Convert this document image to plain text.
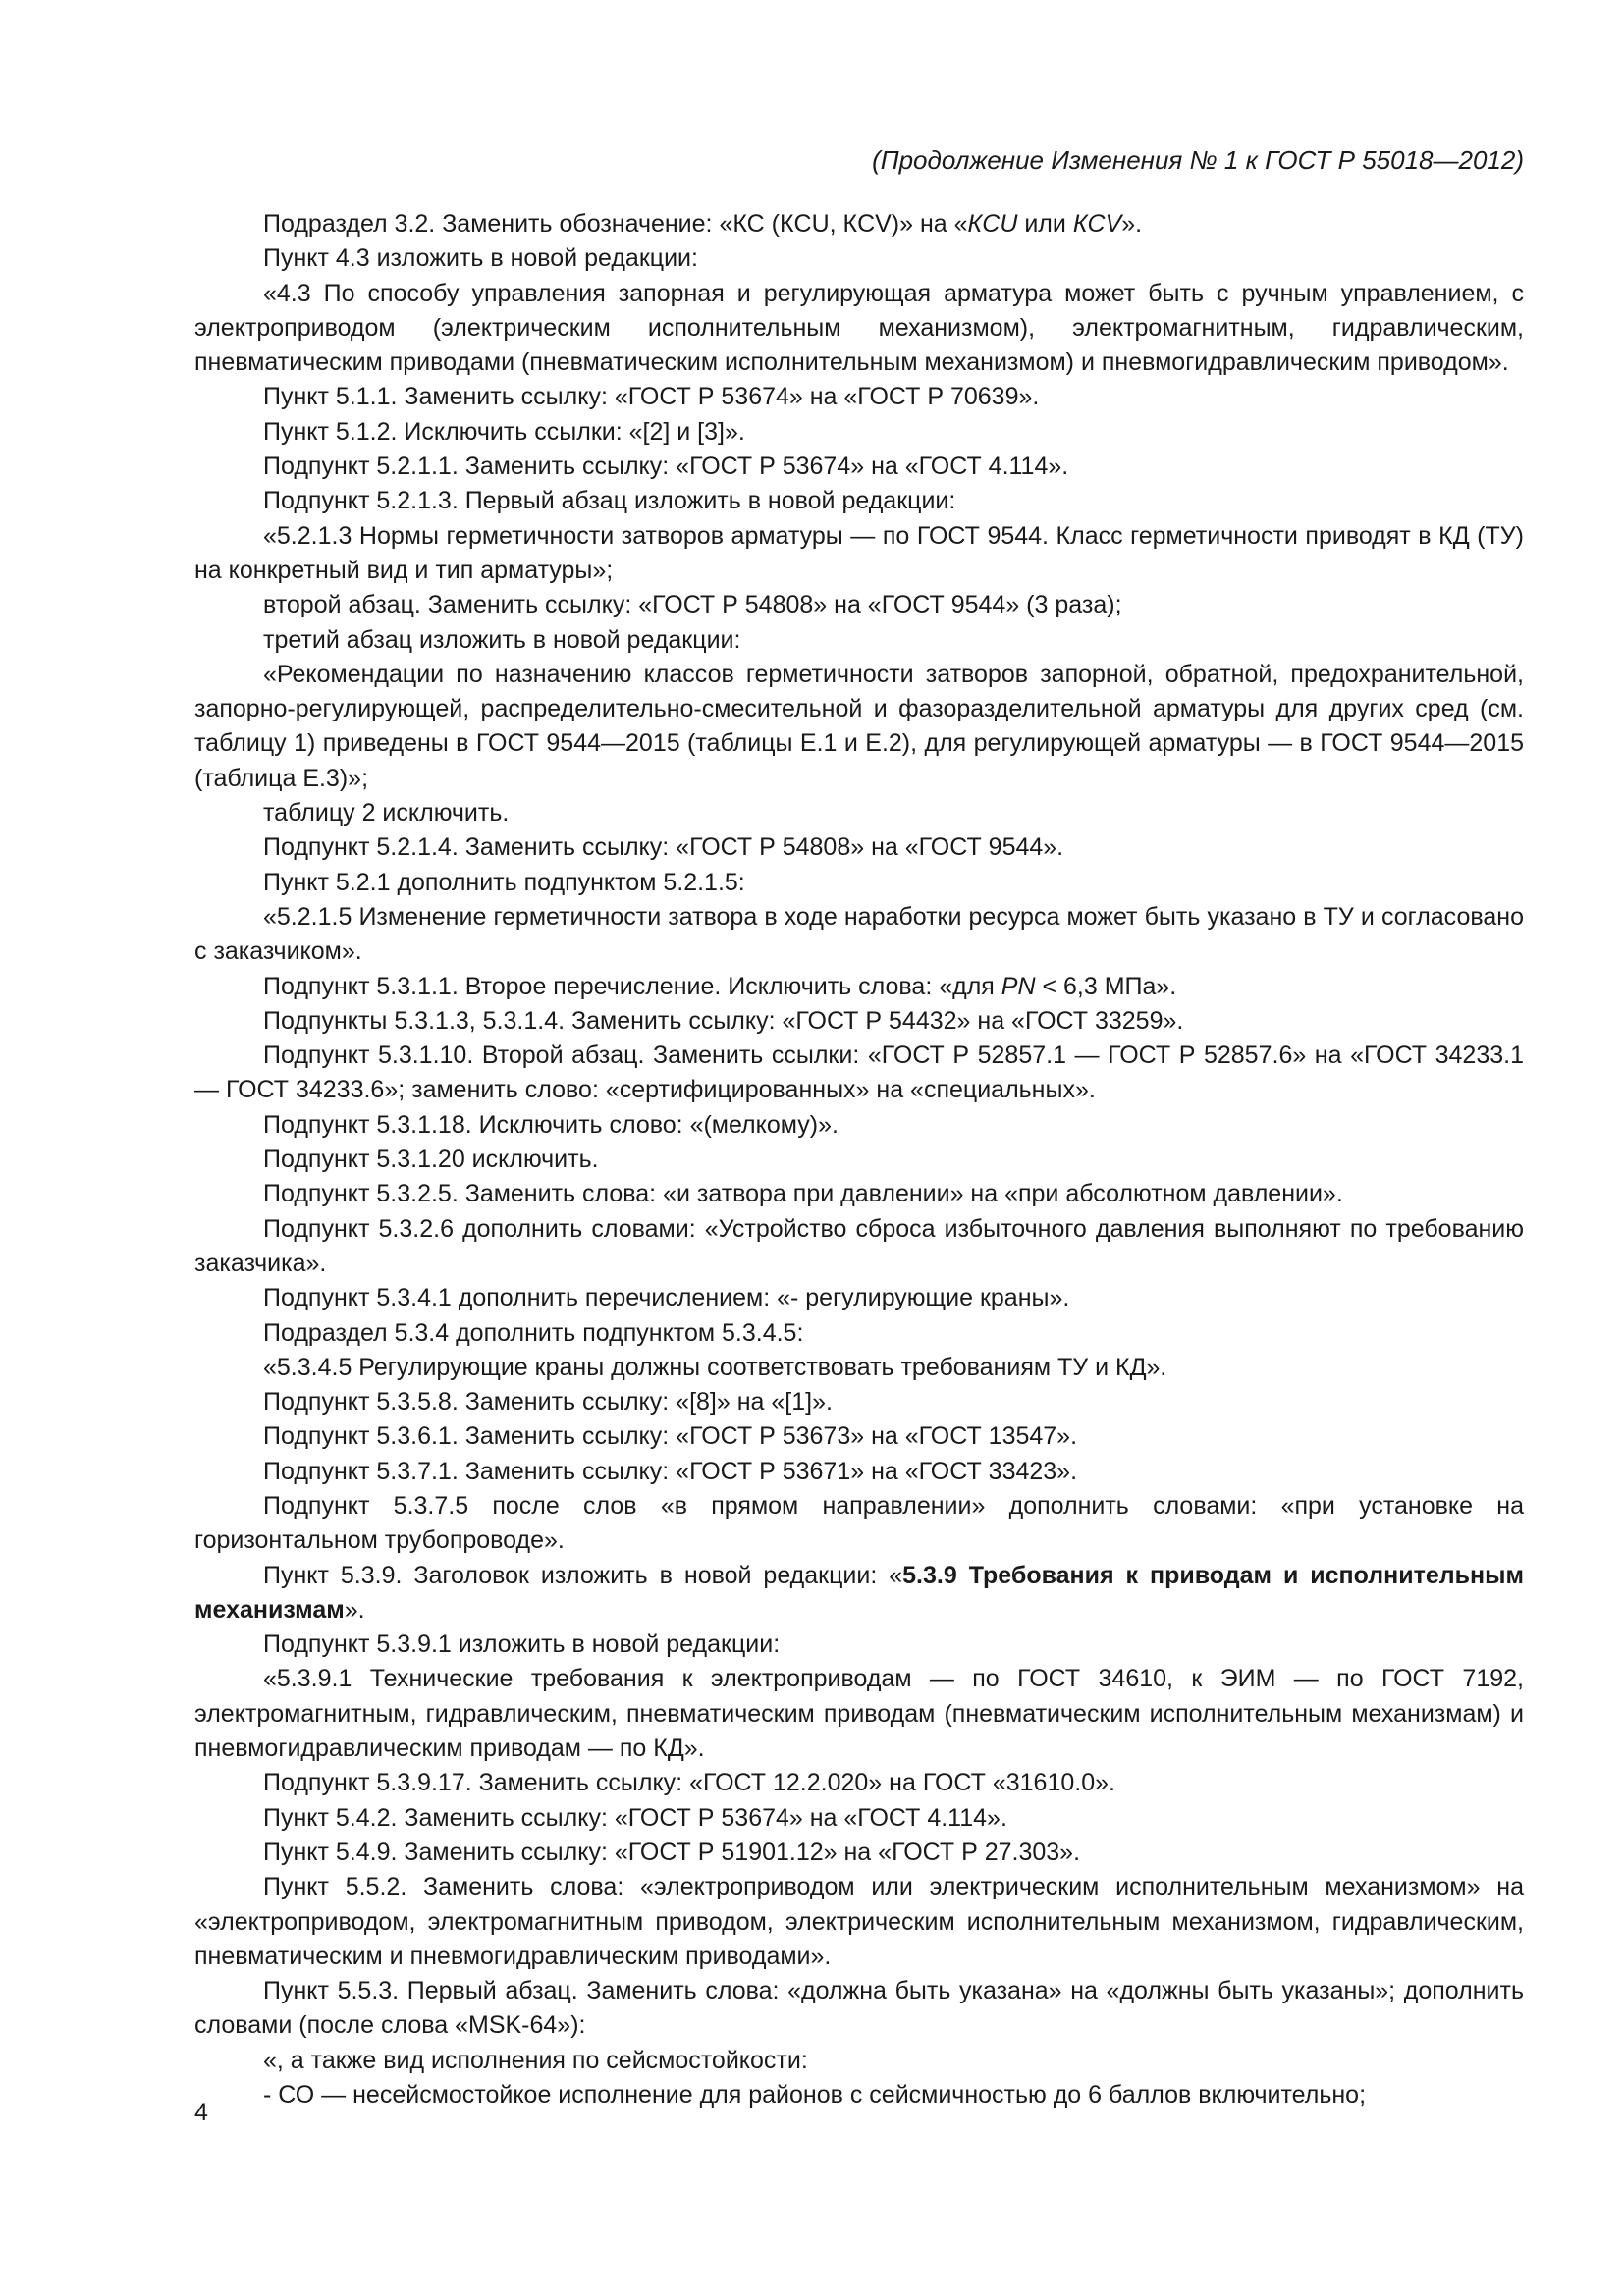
(Продолжение Изменения № 1 к ГОСТ Р 55018—2012)

Подраздел 3.2. Заменить обозначение: «КС (КCU, КCV)» на «КCU или КCV».

Пункт 4.3 изложить в новой редакции:

«4.3 По способу управления запорная и регулирующая арматура может быть с ручным управлением, с электроприводом (электрическим исполнительным механизмом), электромагнитным, гидравлическим, пневматическим приводами (пневматическим исполнительным механизмом) и пневмогидравлическим приводом».

Пункт 5.1.1. Заменить ссылку: «ГОСТ Р 53674» на «ГОСТ Р 70639».

Пункт 5.1.2. Исключить ссылки: «[2] и [3]».

Подпункт 5.2.1.1. Заменить ссылку: «ГОСТ Р 53674» на «ГОСТ 4.114».

Подпункт 5.2.1.3. Первый абзац изложить в новой редакции:

«5.2.1.3 Нормы герметичности затворов арматуры — по ГОСТ 9544. Класс герметичности приводят в КД (ТУ) на конкретный вид и тип арматуры»;

второй абзац. Заменить ссылку: «ГОСТ Р 54808» на «ГОСТ 9544» (3 раза);

третий абзац изложить в новой редакции:

«Рекомендации по назначению классов герметичности затворов запорной, обратной, предохранительной, запорно-регулирующей, распределительно-смесительной и фазоразделительной арматуры для других сред (см. таблицу 1) приведены в ГОСТ 9544—2015 (таблицы Е.1 и Е.2), для регулирующей арматуры — в ГОСТ 9544—2015 (таблица Е.3)»;

таблицу 2 исключить.

Подпункт 5.2.1.4. Заменить ссылку: «ГОСТ Р 54808» на «ГОСТ 9544».

Пункт 5.2.1 дополнить подпунктом 5.2.1.5:

«5.2.1.5 Изменение герметичности затвора в ходе наработки ресурса может быть указано в ТУ и согласовано с заказчиком».

Подпункт 5.3.1.1. Второе перечисление. Исключить слова: «для PN < 6,3 МПа».

Подпункты 5.3.1.3, 5.3.1.4. Заменить ссылку: «ГОСТ Р 54432» на «ГОСТ 33259».

Подпункт 5.3.1.10. Второй абзац. Заменить ссылки: «ГОСТ Р 52857.1 — ГОСТ Р 52857.6» на «ГОСТ 34233.1 — ГОСТ 34233.6»; заменить слово: «сертифицированных» на «специальных».

Подпункт 5.3.1.18. Исключить слово: «(мелкому)».

Подпункт 5.3.1.20 исключить.

Подпункт 5.3.2.5. Заменить слова: «и затвора при давлении» на «при абсолютном давлении».

Подпункт 5.3.2.6 дополнить словами: «Устройство сброса избыточного давления выполняют по требованию заказчика».

Подпункт 5.3.4.1 дополнить перечислением: «- регулирующие краны».

Подраздел 5.3.4 дополнить подпунктом 5.3.4.5:

«5.3.4.5 Регулирующие краны должны соответствовать требованиям ТУ и КД».

Подпункт 5.3.5.8. Заменить ссылку: «[8]» на «[1]».

Подпункт 5.3.6.1. Заменить ссылку: «ГОСТ Р 53673» на «ГОСТ 13547».

Подпункт 5.3.7.1. Заменить ссылку: «ГОСТ Р 53671» на «ГОСТ 33423».

Подпункт 5.3.7.5 после слов «в прямом направлении» дополнить словами: «при установке на горизонтальном трубопроводе».

Пункт 5.3.9. Заголовок изложить в новой редакции: «5.3.9 Требования к приводам и исполнительным механизмам».

Подпункт 5.3.9.1 изложить в новой редакции:

«5.3.9.1 Технические требования к электроприводам — по ГОСТ 34610, к ЭИМ — по ГОСТ 7192, электромагнитным, гидравлическим, пневматическим приводам (пневматическим исполнительным механизмам) и пневмогидравлическим приводам — по КД».

Подпункт 5.3.9.17. Заменить ссылку: «ГОСТ 12.2.020» на ГОСТ «31610.0».

Пункт 5.4.2. Заменить ссылку: «ГОСТ Р 53674» на «ГОСТ 4.114».

Пункт 5.4.9. Заменить ссылку: «ГОСТ Р 51901.12» на «ГОСТ Р 27.303».

Пункт 5.5.2. Заменить слова: «электроприводом или электрическим исполнительным механизмом» на «электроприводом, электромагнитным приводом, электрическим исполнительным механизмом, гидравлическим, пневматическим и пневмогидравлическим приводами».

Пункт 5.5.3. Первый абзац. Заменить слова: «должна быть указана» на «должны быть указаны»; дополнить словами (после слова «MSK-64»):

«, а также вид исполнения по сейсмостойкости:

- СО — несейсмостойкое исполнение для районов с сейсмичностью до 6 баллов включительно;

4
